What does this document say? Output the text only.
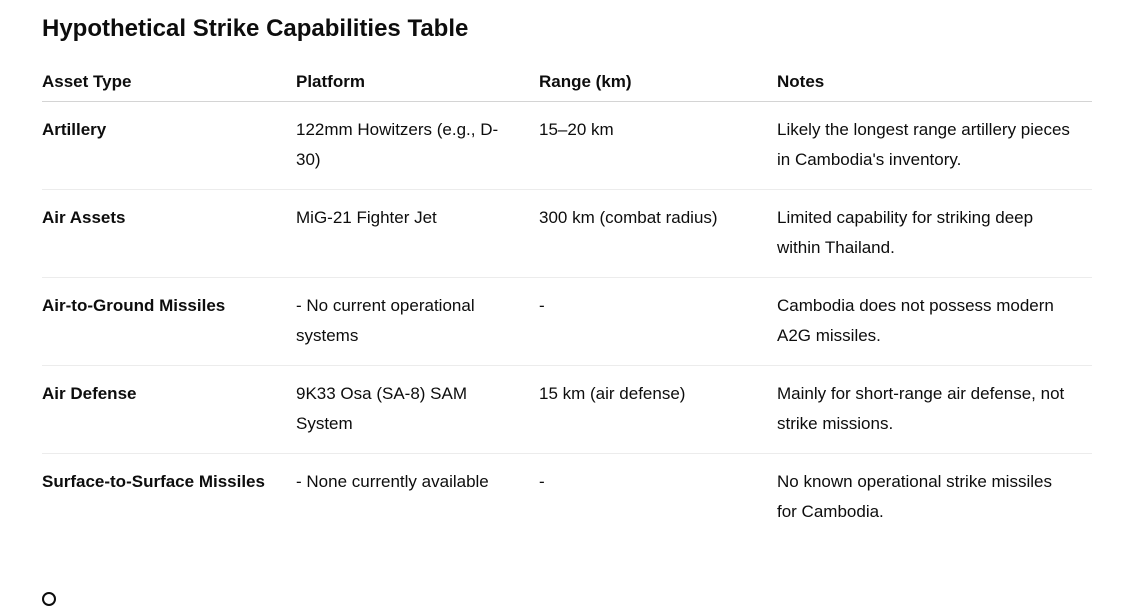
Hypothetical Strike Capabilities Table
Asset Type	Platform	Range (km)	Notes

Artillery	122mm Howitzers (e.g., D-30)	15–20 km	Likely the longest range artillery pieces in Cambodia's inventory.

Air Assets	MiG-21 Fighter Jet	300 km (combat radius)	Limited capability for striking deep within Thailand.

Air-to-Ground Missiles	- No current operational systems	-	Cambodia does not possess modern A2G missiles.

Air Defense	9K33 Osa (SA-8) SAM System	15 km (air defense)	Mainly for short-range air defense, not strike missions.

Surface-to-Surface Missiles	- None currently available	-	No known operational strike missiles for Cambodia.
